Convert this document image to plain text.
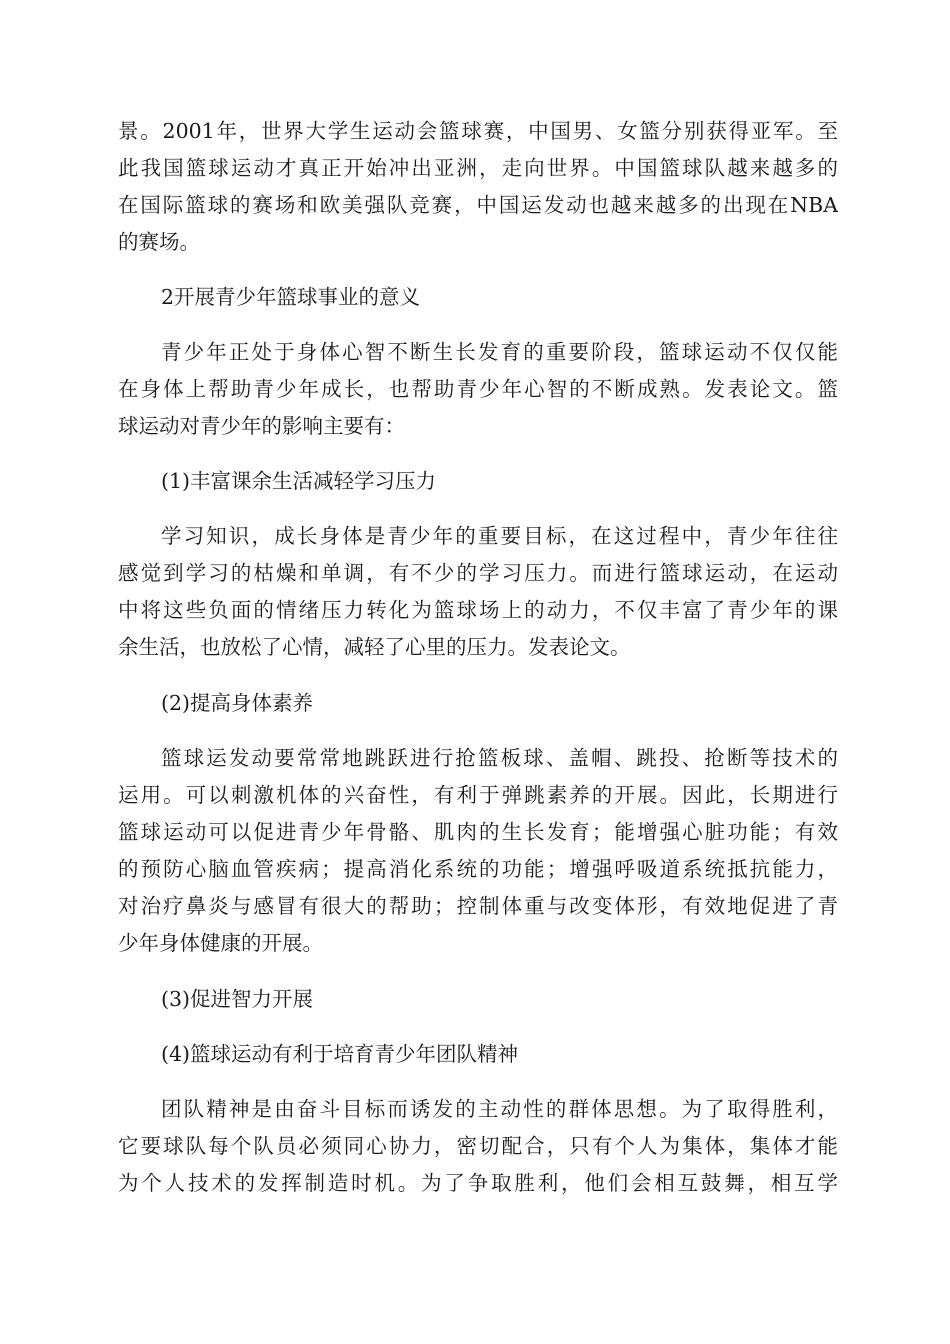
景。2001年，世界大学生运动会篮球赛，中国男、女篮分别获得亚军。至
此我国篮球运动才真正开始冲出亚洲，走向世界。中国篮球队越来越多的
在国际篮球的赛场和欧美强队竞赛，中国运发动也越来越多的出现在NBA
的赛场。
2开展青少年篮球事业的意义
青少年正处于身体心智不断生长发育的重要阶段，篮球运动不仅仅能
在身体上帮助青少年成长，也帮助青少年心智的不断成熟。发表论文。篮
球运动对青少年的影响主要有：
(1)丰富课余生活减轻学习压力
学习知识，成长身体是青少年的重要目标，在这过程中，青少年往往
感觉到学习的枯燥和单调，有不少的学习压力。而进行篮球运动，在运动
中将这些负面的情绪压力转化为篮球场上的动力，不仅丰富了青少年的课
余生活，也放松了心情，减轻了心里的压力。发表论文。
(2)提高身体素养
篮球运发动要常常地跳跃进行抢篮板球、盖帽、跳投、抢断等技术的
运用。可以刺激机体的兴奋性，有利于弹跳素养的开展。因此，长期进行
篮球运动可以促进青少年骨骼、肌肉的生长发育；能增强心脏功能；有效
的预防心脑血管疾病；提高消化系统的功能；增强呼吸道系统抵抗能力，
对治疗鼻炎与感冒有很大的帮助；控制体重与改变体形，有效地促进了青
少年身体健康的开展。
(3)促进智力开展
(4)篮球运动有利于培育青少年团队精神
团队精神是由奋斗目标而诱发的主动性的群体思想。为了取得胜利，
它要球队每个队员必须同心协力，密切配合，只有个人为集体，集体才能
为个人技术的发挥制造时机。为了争取胜利，他们会相互鼓舞，相互学
